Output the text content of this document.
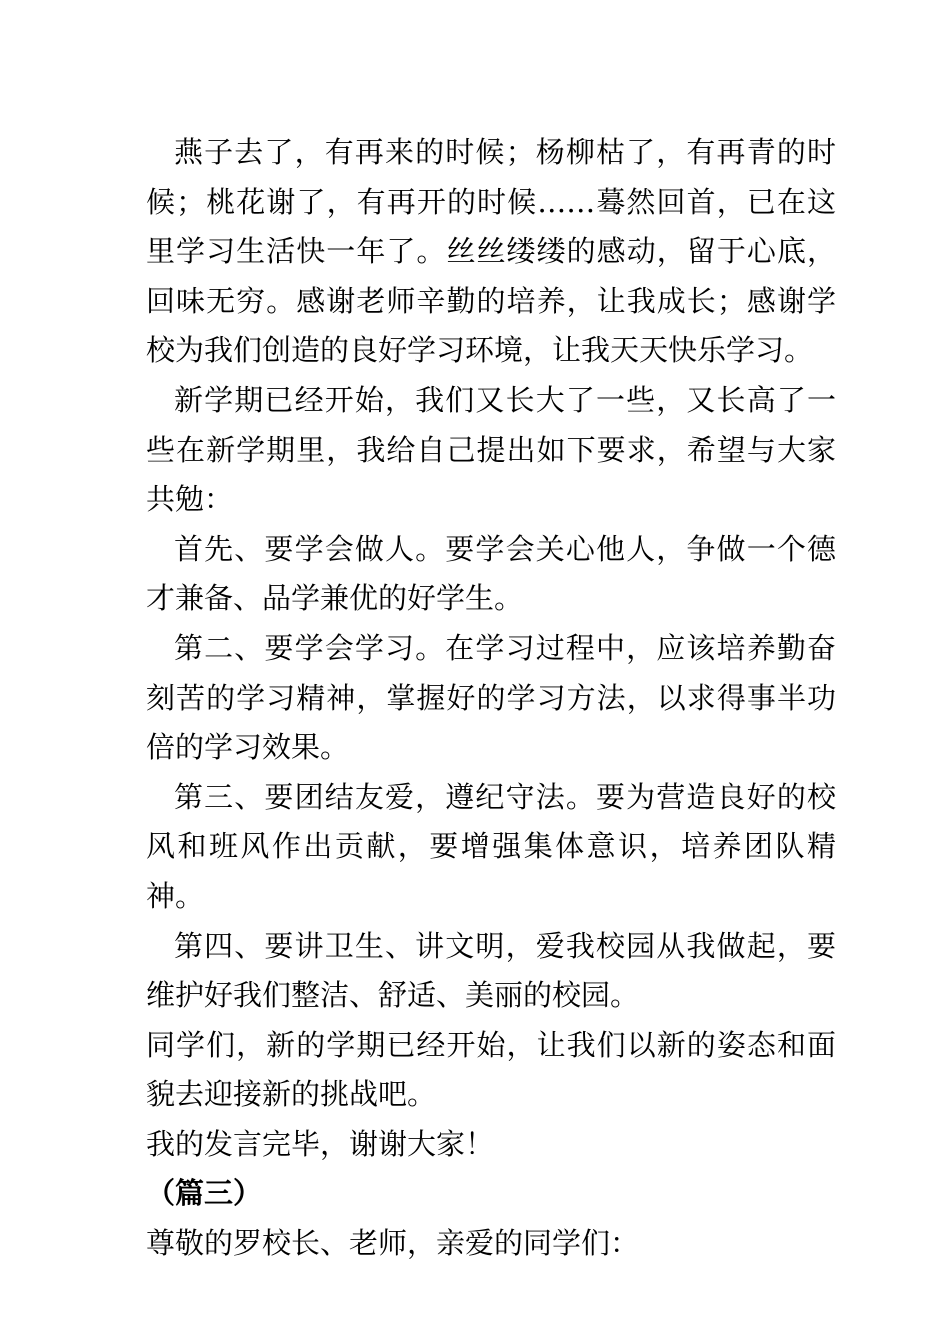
燕子去了，有再来的时候；杨柳枯了，有再青的时候；桃花谢了，有再开的时候……蓦然回首，已在这里学习生活快一年了。丝丝缕缕的感动，留于心底，回味无穷。感谢老师辛勤的培养，让我成长；感谢学校为我们创造的良好学习环境，让我天天快乐学习。

新学期已经开始，我们又长大了一些，又长高了一些在新学期里，我给自己提出如下要求，希望与大家共勉：

首先、要学会做人。要学会关心他人，争做一个德才兼备、品学兼优的好学生。

第二、要学会学习。在学习过程中，应该培养勤奋刻苦的学习精神，掌握好的学习方法，以求得事半功倍的学习效果。

第三、要团结友爱，遵纪守法。要为营造良好的校风和班风作出贡献，要增强集体意识，培养团队精神。

第四、要讲卫生、讲文明，爱我校园从我做起，要维护好我们整洁、舒适、美丽的校园。

同学们，新的学期已经开始，让我们以新的姿态和面貌去迎接新的挑战吧。

我的发言完毕，谢谢大家！

（篇三）

尊敬的罗校长、老师，亲爱的同学们：
